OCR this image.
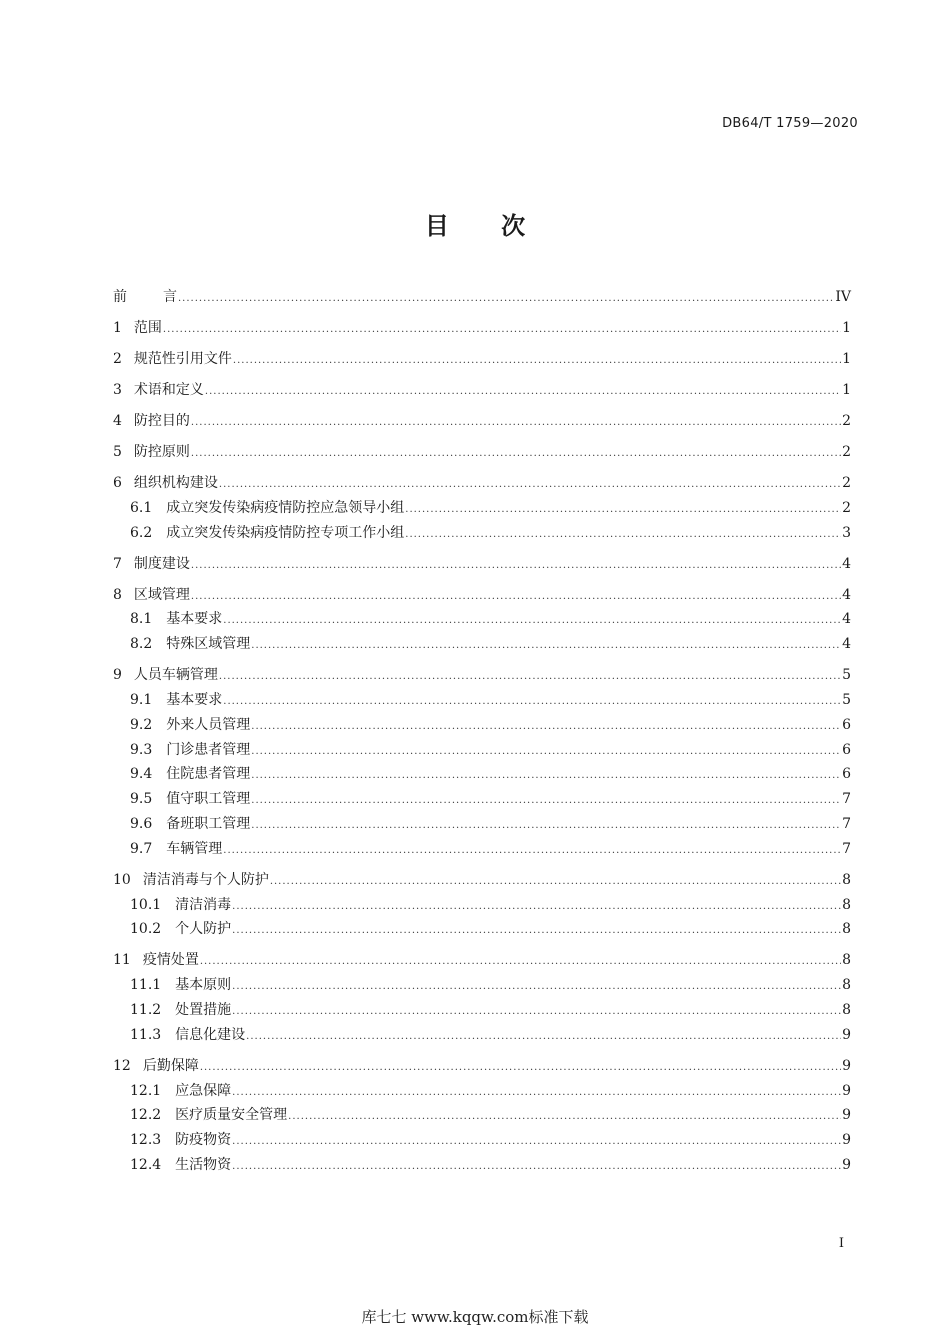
DB64/T 1759—2020
目 次
前	言 .....	IV
1 范围 .....	1
2 规范性引用文件 .....	1
3 术语和定义 .....	1
4 防控目的 .....	2
5 防控原则 .....	2
6 组织机构建设 .....	2
6.1	成立突发传染病疫情防控应急领导小组 .....	2
6.2	成立突发传染病疫情防控专项工作小组 .....	3
7 制度建设 .....	4
8 区域管理 .....	4
8.1	基本要求 .....	4
8.2	特殊区域管理 .....	4
9 人员车辆管理 .....	5
9.1	基本要求 .....	5
9.2	外来人员管理 .....	6
9.3	门诊患者管理 .....	6
9.4	住院患者管理 .....	6
9.5	值守职工管理 .....	7
9.6	备班职工管理 .....	7
9.7	车辆管理 .....	7
10 清洁消毒与个人防护 .....	8
10.1	清洁消毒 .....	8
10.2	个人防护 .....	8
11 疫情处置 .....	8
11.1	基本原则 .....	8
11.2	处置措施 .....	8
11.3	信息化建设 .....	9
12 后勤保障 .....	9
12.1	应急保障 .....	9
12.2	医疗质量安全管理 .....	9
12.3	防疫物资 .....	9
12.4	生活物资 .....	9
I
库七七 www.kqqw.com标准下载
